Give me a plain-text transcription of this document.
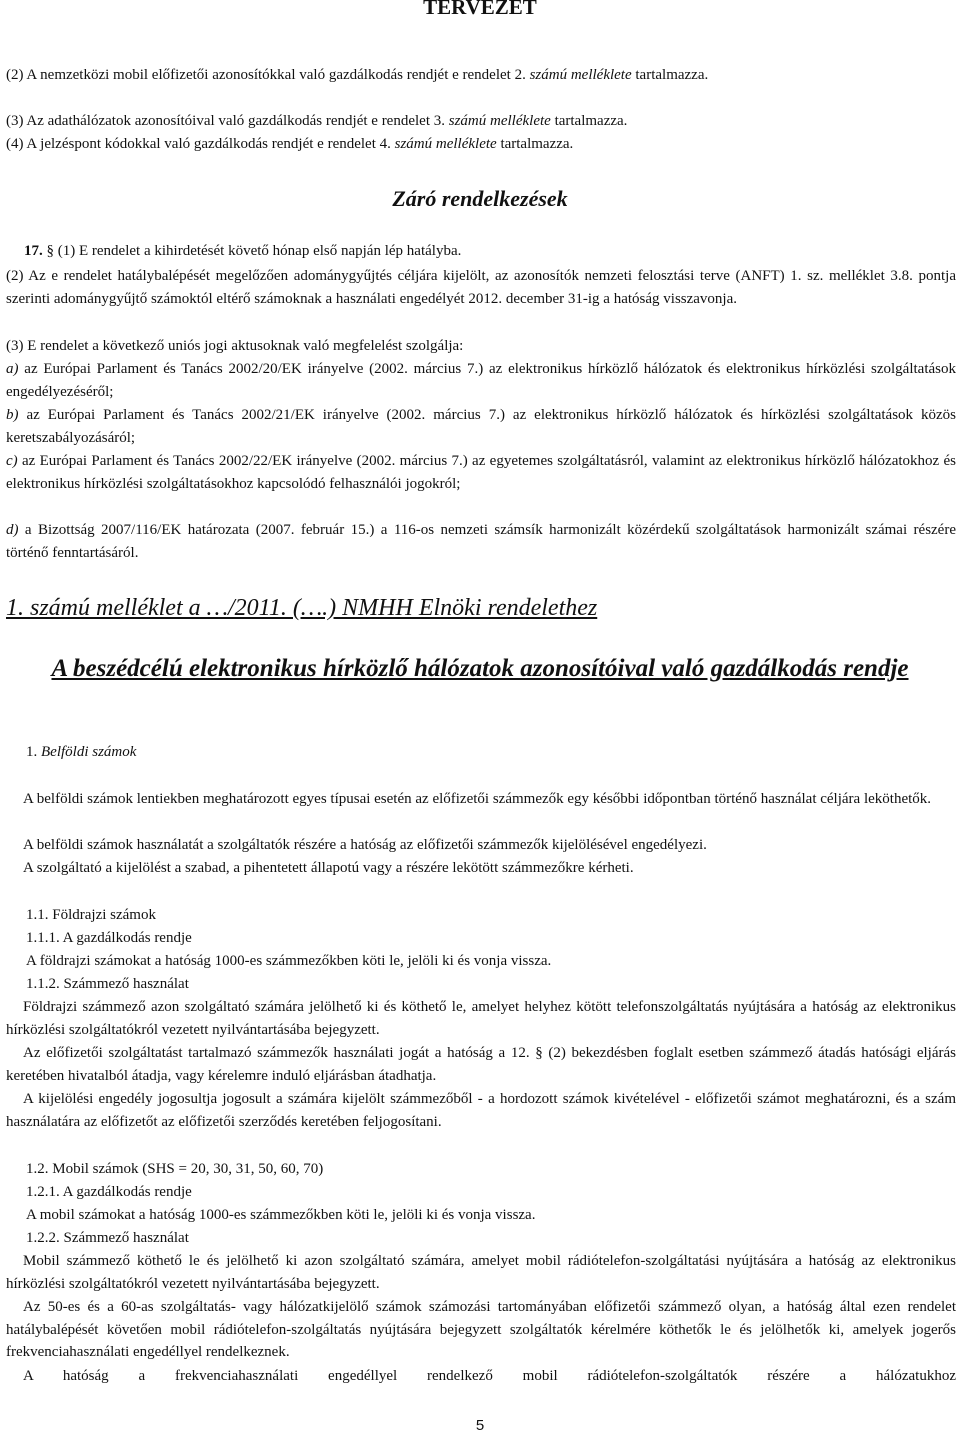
TERVEZET

(2) A nemzetközi mobil előfizetői azonosítókkal való gazdálkodás rendjét e rendelet 2. számú melléklete tartalmazza.

(3) Az adathálózatok azonosítóival való gazdálkodás rendjét e rendelet 3. számú melléklete tartalmazza.

(4) A jelzéspont kódokkal való gazdálkodás rendjét e rendelet 4. számú melléklete tartalmazza.

Záró rendelkezések

17. § (1) E rendelet a kihirdetését követő hónap első napján lép hatályba.

(2) Az e rendelet hatálybalépését megelőzően adománygyűjtés céljára kijelölt, az azonosítók nemzeti felosztási terve (ANFT) 1. sz. melléklet 3.8. pontja szerinti adománygyűjtő számoktól eltérő számoknak a használati engedélyét 2012. december 31-ig a hatóság visszavonja.

(3) E rendelet a következő uniós jogi aktusoknak való megfelelést szolgálja:

a) az Európai Parlament és Tanács 2002/20/EK irányelve (2002. március 7.) az elektronikus hírközlő hálózatok és elektronikus hírközlési szolgáltatások engedélyezéséről;

b) az Európai Parlament és Tanács 2002/21/EK irányelve (2002. március 7.) az elektronikus hírközlő hálózatok és hírközlési szolgáltatások közös keretszabályozásáról;

c) az Európai Parlament és Tanács 2002/22/EK irányelve (2002. március 7.) az egyetemes szolgáltatásról, valamint az elektronikus hírközlő hálózatokhoz és elektronikus hírközlési szolgáltatásokhoz kapcsolódó felhasználói jogokról;

d) a Bizottság 2007/116/EK határozata (2007. február 15.) a 116-os nemzeti számsík harmonizált közérdekű szolgáltatások harmonizált számai részére történő fenntartásáról.

1. számú melléklet a …/2011. (….) NMHH Elnöki rendelethez
A beszédcélú elektronikus hírközlő hálózatok azonosítóival való gazdálkodás rendje
1. Belföldi számok

A belföldi számok lentiekben meghatározott egyes típusai esetén az előfizetői számmezők egy későbbi időpontban történő használat céljára leköthetők.

A belföldi számok használatát a szolgáltatók részére a hatóság az előfizetői számmezők kijelölésével engedélyezi.

A szolgáltató a kijelölést a szabad, a pihentetett állapotú vagy a részére lekötött számmezőkre kérheti.

1.1. Földrajzi számok
1.1.1. A gazdálkodás rendje
A földrajzi számokat a hatóság 1000-es számmezőkben köti le, jelöli ki és vonja vissza.
1.1.2. Számmező használat

Földrajzi számmező azon szolgáltató számára jelölhető ki és köthető le, amelyet helyhez kötött telefonszolgáltatás nyújtására a hatóság az elektronikus hírközlési szolgáltatókról vezetett nyilvántartásába bejegyzett.

Az előfizetői szolgáltatást tartalmazó számmezők használati jogát a hatóság a 12. § (2) bekezdésben foglalt esetben számmező átadás hatósági eljárás keretében hivatalból átadja, vagy kérelemre induló eljárásban átadhatja.

A kijelölési engedély jogosultja jogosult a számára kijelölt számmezőből - a hordozott számok kivételével - előfizetői számot meghatározni, és a szám használatára az előfizetőt az előfizetői szerződés keretében feljogosítani.

1.2. Mobil számok (SHS = 20, 30, 31, 50, 60, 70)
1.2.1. A gazdálkodás rendje
A mobil számokat a hatóság 1000-es számmezőkben köti le, jelöli ki és vonja vissza.
1.2.2. Számmező használat

Mobil számmező köthető le és jelölhető ki azon szolgáltató számára, amelyet mobil rádiótelefon-szolgáltatási nyújtására a hatóság az elektronikus hírközlési szolgáltatókról vezetett nyilvántartásába bejegyzett.

Az 50-es és a 60-as szolgáltatás- vagy hálózatkijelölő számok számozási tartományában előfizetői számmező olyan, a hatóság által ezen rendelet hatálybalépését követően mobil rádiótelefon-szolgáltatás nyújtására bejegyzett szolgáltatók kérelmére köthetők le és jelölhetők ki, amelyek jogerős frekvenciahasználati engedéllyel rendelkeznek.

A hatóság a frekvenciahasználati engedéllyel rendelkező mobil rádiótelefon-szolgáltatók részére a hálózatukhoz

5
